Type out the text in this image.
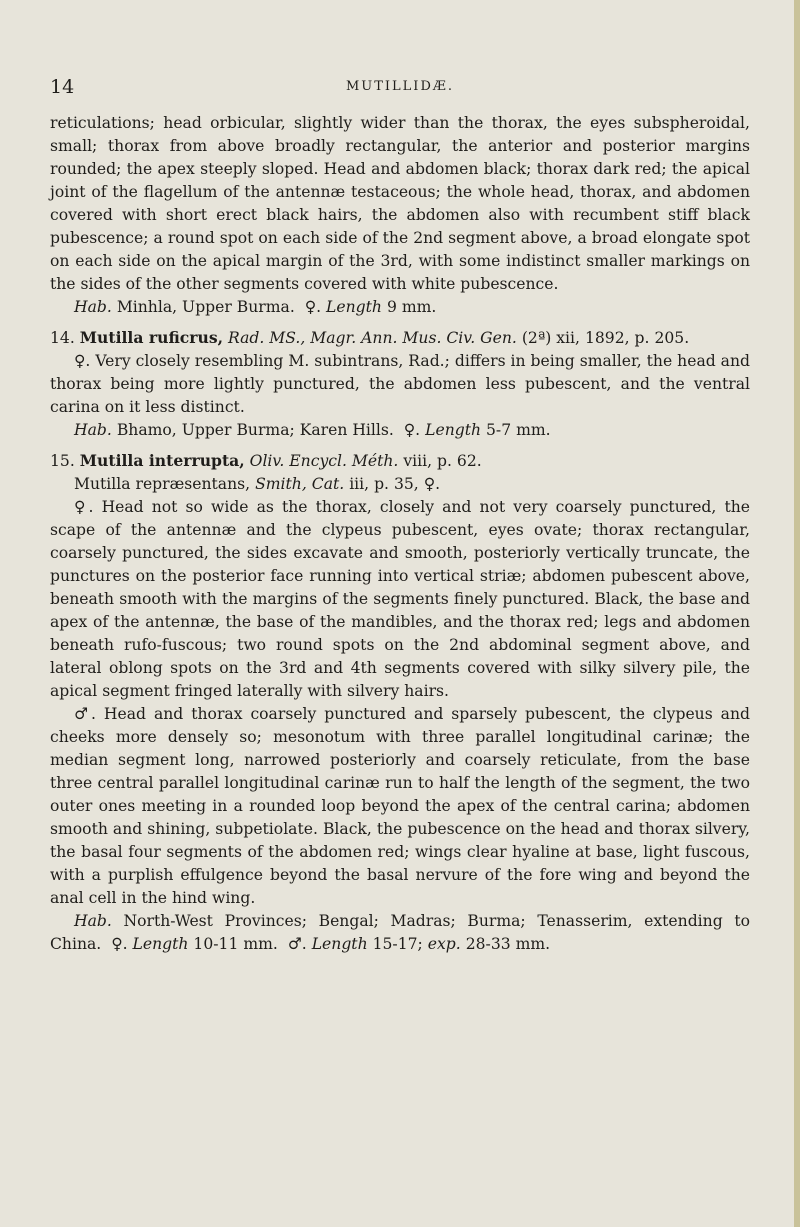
14	MUTILLIDÆ.

reticulations; head orbicular, slightly wider than the thorax, the eyes subspheroidal, small; thorax from above broadly rectangular, the anterior and posterior margins rounded; the apex steeply sloped. Head and abdomen black; thorax dark red; the apical joint of the flagellum of the antennæ testaceous; the whole head, thorax, and abdomen covered with short erect black hairs, the abdomen also with recumbent stiff black pubescence; a round spot on each side of the 2nd segment above, a broad elongate spot on each side on the apical margin of the 3rd, with some indistinct smaller markings on the sides of the other segments covered with white pubescence.

Hab. Minhla, Upper Burma. ♀. Length 9 mm.

14. Mutilla ruficrus, Rad. MS., Magr. Ann. Mus. Civ. Gen. (2ª) xii, 1892, p. 205.

♀. Very closely resembling M. subintrans, Rad.; differs in being smaller, the head and thorax being more lightly punctured, the abdomen less pubescent, and the ventral carina on it less distinct.

Hab. Bhamo, Upper Burma; Karen Hills. ♀. Length 5-7 mm.

15. Mutilla interrupta, Oliv. Encycl. Méth. viii, p. 62.

Mutilla repræsentans, Smith, Cat. iii, p. 35, ♀.

♀. Head not so wide as the thorax, closely and not very coarsely punctured, the scape of the antennæ and the clypeus pubescent, eyes ovate; thorax rectangular, coarsely punctured, the sides excavate and smooth, posteriorly vertically truncate, the punctures on the posterior face running into vertical striæ; abdomen pubescent above, beneath smooth with the margins of the segments finely punctured. Black, the base and apex of the antennæ, the base of the mandibles, and the thorax red; legs and abdomen beneath rufo-fuscous; two round spots on the 2nd abdominal segment above, and lateral oblong spots on the 3rd and 4th segments covered with silky silvery pile, the apical segment fringed laterally with silvery hairs.

♂. Head and thorax coarsely punctured and sparsely pubescent, the clypeus and cheeks more densely so; mesonotum with three parallel longitudinal carinæ; the median segment long, narrowed posteriorly and coarsely reticulate, from the base three central parallel longitudinal carinæ run to half the length of the segment, the two outer ones meeting in a rounded loop beyond the apex of the central carina; abdomen smooth and shining, subpetiolate. Black, the pubescence on the head and thorax silvery, the basal four segments of the abdomen red; wings clear hyaline at base, light fuscous, with a purplish effulgence beyond the basal nervure of the fore wing and beyond the anal cell in the hind wing.

Hab. North-West Provinces; Bengal; Madras; Burma; Tenasserim, extending to China. ♀. Length 10-11 mm. ♂. Length 15-17; exp. 28-33 mm.
